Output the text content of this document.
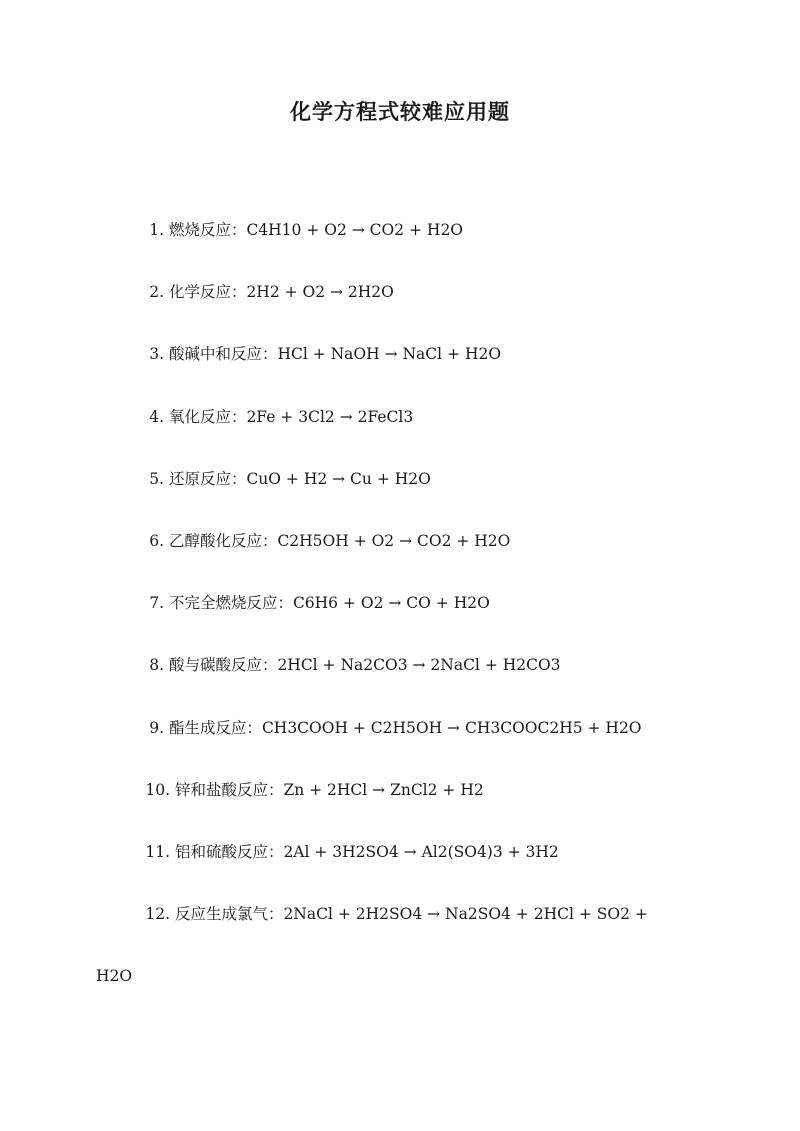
化学方程式较难应用题
1. 燃烧反应：C4H10 + O2 → CO2 + H2O
2. 化学反应：2H2 + O2 → 2H2O
3. 酸碱中和反应：HCl + NaOH → NaCl + H2O
4. 氧化反应：2Fe + 3Cl2 → 2FeCl3
5. 还原反应：CuO + H2 → Cu + H2O
6. 乙醇酸化反应：C2H5OH + O2 → CO2 + H2O
7. 不完全燃烧反应：C6H6 + O2 → CO + H2O
8. 酸与碳酸反应：2HCl + Na2CO3 → 2NaCl + H2CO3
9. 酯生成反应：CH3COOH + C2H5OH → CH3COOC2H5 + H2O
10. 锌和盐酸反应：Zn + 2HCl → ZnCl2 + H2
11. 铝和硫酸反应：2Al + 3H2SO4 → Al2(SO4)3 + 3H2
12. 反应生成氯气：2NaCl + 2H2SO4 → Na2SO4 + 2HCl + SO2 +
H2O
